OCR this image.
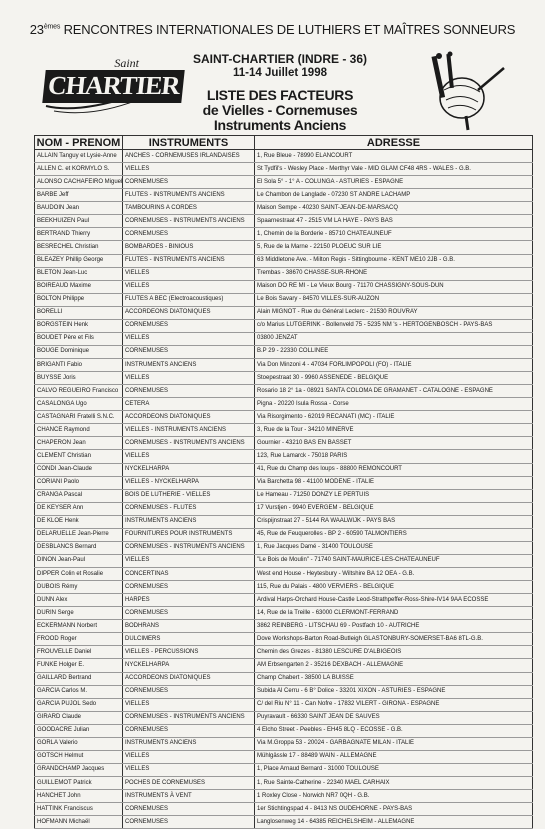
23èmes RENCONTRES INTERNATIONALES DE LUTHIERS ET MAÎTRES SONNEURS
Saint
CHARTIER
SAINT-CHARTIER (INDRE - 36)
11-14 Juillet 1998
LISTE DES FACTEURS
de Vielles - Cornemuses
Instruments Anciens
NOM - PRENOM	INSTRUMENTS	ADRESSE
ALLAIN Tanguy et Lysie-Anne	ANCHES - CORNEMUSES IRLANDAISES	1, Rue Bleue - 78990 ELANCOURT
ALLEN C. et KORMYLO S.	VIELLES	St Tydfil's - Wesley Place - Merthyr Vale - MID GLAM CF48 4RS - WALES - G.B.
ALONSO CACHAFEIRO Miguel	CORNEMUSES	El Sola 5° - 1° A - COLUNGA - ASTURIES - ESPAGNE
BARBE Jeff	FLUTES - INSTRUMENTS ANCIENS	Le Chambon de Langlade - 07230 ST ANDRE LACHAMP
BAUDOIN Jean	TAMBOURINS A CORDES	Maison Sempe - 40230 SAINT-JEAN-DE-MARSACQ
BEEKHUIZEN Paul	CORNEMUSES - INSTRUMENTS ANCIENS	Spaarnestraat 47 - 2515 VM LA HAYE - PAYS BAS
BERTRAND Thierry	CORNEMUSES	1, Chemin de la Borderie - 85710 CHATEAUNEUF
BESRECHEL Christian	BOMBARDES - BINIOUS	5, Rue de la Marne - 22150 PLOEUC SUR LIE
BLEAZEY Phillip George	FLUTES - INSTRUMENTS ANCIENS	63 Middletone Ave. - Milton Regis - Sittingbourne - KENT ME10 2JB - G.B.
BLETON Jean-Luc	VIELLES	Trembas - 38670 CHASSE-SUR-RHONE
BOIREAUD Maxime	VIELLES	Maison DO RE MI - Le Vieux Bourg - 71170 CHASSIGNY-SOUS-DUN
BOLTON Philippe	FLUTES A BEC (Electroacoustiques)	Le Bois Savary - 84570 VILLES-SUR-AUZON
BORELLI	ACCORDEONS DIATONIQUES	Alain MIGNOT - Rue du Général Leclerc - 21530 ROUVRAY
BORGSTEIN Henk	CORNEMUSES	c/o Marius LUTGERINK - Bollenveld 75 - 5235 NM 's - HERTOGENBOSCH - PAYS-BAS
BOUDET Père et Fils	VIELLES	03800 JENZAT
BOUGE Dominique	CORNEMUSES	B.P 29 - 22330 COLLINEE
BRIGANTI Fabio	INSTRUMENTS ANCIENS	Via Don Minzoni 4 - 47034 FORLIMPOPOLI (FO) - ITALIE
BUYSSE Joris	VIELLES	Stoepestraat 30 - 9960 ASSENEDE - BELGIQUE
CALVO REGUEIRO Francisco	CORNEMUSES	Rosario 18 2° 1a - 08921 SANTA COLOMA DE GRAMANET - CATALOGNE - ESPAGNE
CASALONGA Ugo	CETERA	Pigna - 20220 Isula Rossa - Corse
CASTAGNARI Fratelli S.N.C.	ACCORDEONS DIATONIQUES	Via Risorgimento - 62019 RECANATI (MC) - ITALIE
CHANCE Raymond	VIELLES - INSTRUMENTS ANCIENS	3, Rue de la Tour - 34210 MINERVE
CHAPERON Jean	CORNEMUSES - INSTRUMENTS ANCIENS	Gournier - 43210 BAS EN BASSET
CLEMENT Christian	VIELLES	123, Rue Lamarck - 75018 PARIS
CONDI Jean-Claude	NYCKELHARPA	41, Rue du Champ des loups - 88800 REMONCOURT
CORIANI Paolo	VIELLES - NYCKELHARPA	Via Barchetta 98 - 41100 MODENE - ITALIE
CRANGA Pascal	BOIS DE LUTHERIE - VIELLES	Le Hameau - 71250 DONZY LE PERTUIS
DE KEYSER Ann	CORNEMUSES - FLUTES	17 Vurstjen - 9940 EVERGEM - BELGIQUE
DE KLOE Henk	INSTRUMENTS ANCIENS	Crispijnstraat 27 - 5144 RA WAALWIJK - PAYS BAS
DELARUELLE Jean-Pierre	FOURNITURES POUR INSTRUMENTS	45, Rue de Feuquerolles - BP 2 - 60590 TALMONTIERS
DESBLANCS Bernard	CORNEMUSES - INSTRUMENTS ANCIENS	1, Rue Jacques Damé - 31400 TOULOUSE
DINON Jean-Paul	VIELLES	"Le Bois de Moulin" - 71740 SAINT-MAURICE-LES-CHATEAUNEUF
DIPPER Colin et Rosalie	CONCERTINAS	West end House - Heytesbury - Wiltshire BA 12 OEA - G.B.
DUBOIS Rémy	CORNEMUSES	115, Rue du Palais - 4800 VERVIERS - BELGIQUE
DUNN Alex	HARPES	Ardival Harps-Orchard House-Castle Leod-Strathpeffer-Ross-Shire-IV14 9AA ECOSSE
DURIN Serge	CORNEMUSES	14, Rue de la Treille - 63000 CLERMONT-FERRAND
ECKERMANN Norbert	BODHRANS	3862 REINBERG - LITSCHAU 69 - Postfach 10 - AUTRICHE
FROOD Roger	DULCIMERS	Dove Workshops-Barton Road-Butleigh GLASTONBURY-SOMERSET-BA6 8TL-G.B.
FROUVELLE Daniel	VIELLES - PERCUSSIONS	Chemin des Grezes - 81380 LESCURE D'ALBIGEOIS
FUNKE Holger E.	NYCKELHARPA	AM Erbsengarten 2 - 35216 DEXBACH - ALLEMAGNE
GAILLARD Bertrand	ACCORDEONS DIATONIQUES	Champ Chabert - 38500 LA BUISSE
GARCIA Carlos M.	CORNEMUSES	Subida Al Cerru - 6 B° Dolice - 33201 XIXON - ASTURIES - ESPAGNE
GARCIA PUJOL Sedo	VIELLES	C/ del Riu N° 11 - Can Nofre - 17832 VILERT - GIRONA - ESPAGNE
GIRARD Claude	CORNEMUSES - INSTRUMENTS ANCIENS	Puyravault - 66330 SAINT JEAN DE SAUVES
GOODACRE Julian	CORNEMUSES	4 Elcho Street - Peebles - EH45 8LQ - ECOSSE - G.B.
GORLA Valerio	INSTRUMENTS ANCIENS	Via M.Groppa 53 - 20024 - GARBAGNATE MILAN - ITALIE
GOTSCH Helmut	VIELLES	Mühlgässle 17 - 88489 WAIN - ALLEMAGNE
GRANDCHAMP Jacques	VIELLES	1, Place Arnaud Bernard - 31000 TOULOUSE
GUILLEMOT Patrick	POCHES DE CORNEMUSES	1, Rue Sainte-Catherine - 22340 MAEL CARHAIX
HANCHET John	INSTRUMENTS À VENT	1 Roxley Close - Norwich NR7 0QH - G.B.
HATTINK Franciscus	CORNEMUSES	1er Stichtingspad 4 - 8413 NS OUDEHORNE - PAYS-BAS
HOFMANN Michaël	CORNEMUSES	Langlosenweg 14 - 64385 REICHELSHEIM - ALLEMAGNE
